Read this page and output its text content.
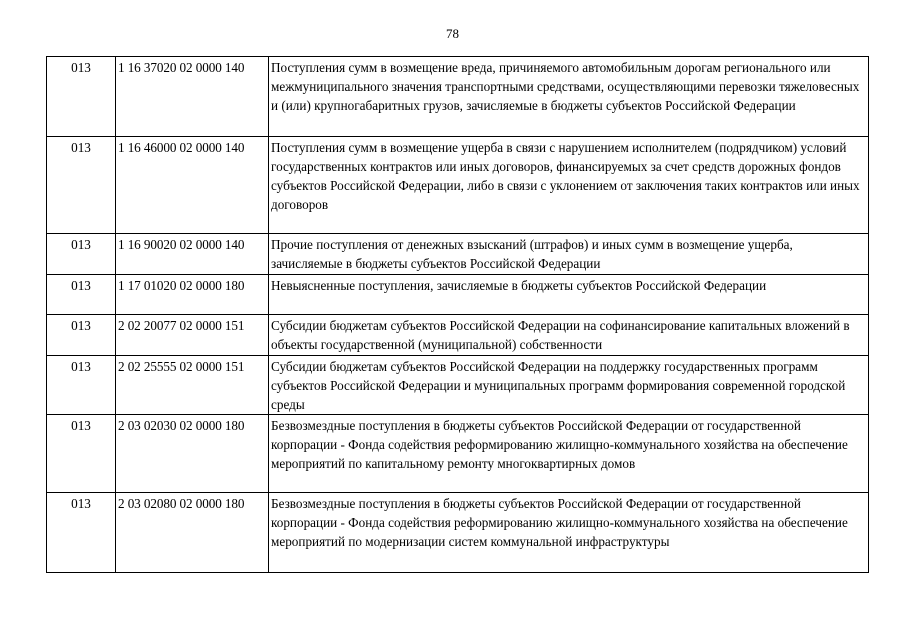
78
013	1 16 37020 02 0000 140	Поступления сумм в возмещение вреда, причиняемого автомобильным дорогам регионального или межмуниципального значения транспортными средствами, осуществляющими перевозки тяжеловесных и (или) крупногабаритных грузов, зачисляемые в бюджеты субъектов Российской Федерации
013	1 16 46000 02 0000 140	Поступления сумм в возмещение ущерба в связи с нарушением исполнителем (подрядчиком) условий государственных контрактов или иных договоров, финансируемых за счет средств дорожных фондов субъектов Российской Федерации, либо в связи с уклонением от заключения таких контрактов или иных договоров
013	1 16 90020 02 0000 140	Прочие поступления от денежных взысканий (штрафов) и иных сумм в возмещение ущерба, зачисляемые в бюджеты субъектов Российской Федерации
013	1 17 01020 02 0000 180	Невыясненные поступления, зачисляемые в бюджеты субъектов Российской Федерации
013	2 02 20077 02 0000 151	Субсидии бюджетам субъектов Российской Федерации на софинансирование капитальных вложений в объекты государственной (муниципальной) собственности
013	2 02 25555 02 0000 151	Субсидии бюджетам субъектов Российской Федерации на поддержку государственных программ субъектов Российской Федерации и муниципальных программ формирования современной городской среды
013	2 03 02030 02 0000 180	Безвозмездные поступления в бюджеты субъектов Российской Федерации от государственной корпорации - Фонда содействия реформированию жилищно-коммунального хозяйства на обеспечение мероприятий по капитальному ремонту многоквартирных домов
013	2 03 02080 02 0000 180	Безвозмездные поступления в бюджеты субъектов Российской Федерации от государственной корпорации - Фонда содействия реформированию жилищно-коммунального хозяйства на обеспечение мероприятий по модернизации систем коммунальной инфраструктуры
